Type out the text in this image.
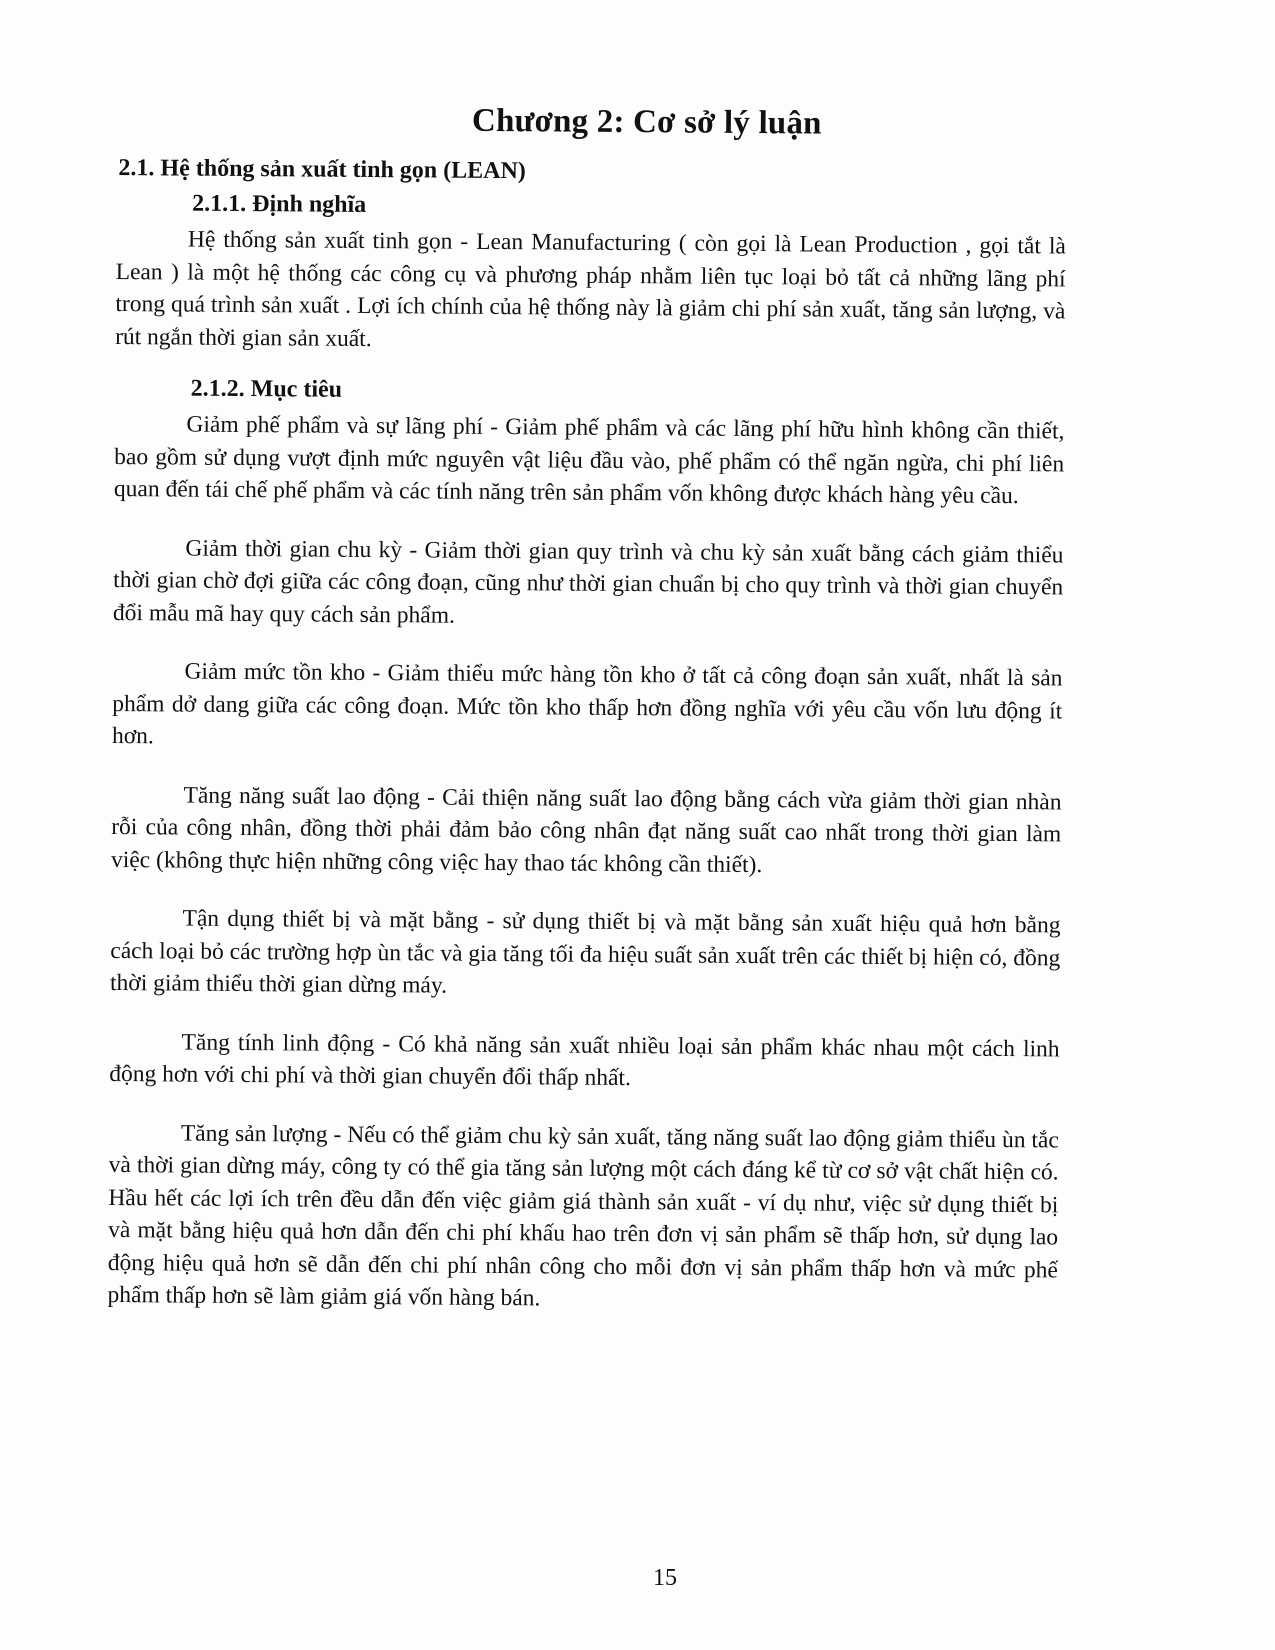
Chương 2: Cơ sở lý luận
2.1. Hệ thống sản xuất tinh gọn (LEAN)
2.1.1. Định nghĩa

Hệ thống sản xuất tinh gọn - Lean Manufacturing ( còn gọi là Lean Production , gọi tắt là Lean ) là một hệ thống các công cụ và phương pháp nhằm liên tục loại bỏ tất cả những lãng phí trong quá trình sản xuất . Lợi ích chính của hệ thống này là giảm chi phí sản xuất, tăng sản lượng, và rút ngắn thời gian sản xuất.

2.1.2. Mục tiêu

Giảm phế phẩm và sự lãng phí - Giảm phế phẩm và các lãng phí hữu hình không cần thiết, bao gồm sử dụng vượt định mức nguyên vật liệu đầu vào, phế phẩm có thể ngăn ngừa, chi phí liên quan đến tái chế phế phẩm và các tính năng trên sản phẩm vốn không được khách hàng yêu cầu.

Giảm thời gian chu kỳ - Giảm thời gian quy trình và chu kỳ sản xuất bằng cách giảm thiểu thời gian chờ đợi giữa các công đoạn, cũng như thời gian chuẩn bị cho quy trình và thời gian chuyển đổi mẫu mã hay quy cách sản phẩm.

Giảm mức tồn kho - Giảm thiểu mức hàng tồn kho ở tất cả công đoạn sản xuất, nhất là sản phẩm dở dang giữa các công đoạn. Mức tồn kho thấp hơn đồng nghĩa với yêu cầu vốn lưu động ít hơn.

Tăng năng suất lao động - Cải thiện năng suất lao động bằng cách vừa giảm thời gian nhàn rỗi của công nhân, đồng thời phải đảm bảo công nhân đạt năng suất cao nhất trong thời gian làm việc (không thực hiện những công việc hay thao tác không cần thiết).

Tận dụng thiết bị và mặt bằng - sử dụng thiết bị và mặt bằng sản xuất hiệu quả hơn bằng cách loại bỏ các trường hợp ùn tắc và gia tăng tối đa hiệu suất sản xuất trên các thiết bị hiện có, đồng thời giảm thiểu thời gian dừng máy.

Tăng tính linh động - Có khả năng sản xuất nhiều loại sản phẩm khác nhau một cách linh động hơn với chi phí và thời gian chuyển đổi thấp nhất.

Tăng sản lượng - Nếu có thể giảm chu kỳ sản xuất, tăng năng suất lao động giảm thiểu ùn tắc và thời gian dừng máy, công ty có thể gia tăng sản lượng một cách đáng kể từ cơ sở vật chất hiện có. Hầu hết các lợi ích trên đều dẫn đến việc giảm giá thành sản xuất - ví dụ như, việc sử dụng thiết bị và mặt bằng hiệu quả hơn dẫn đến chi phí khấu hao trên đơn vị sản phẩm sẽ thấp hơn, sử dụng lao động hiệu quả hơn sẽ dẫn đến chi phí nhân công cho mỗi đơn vị sản phẩm thấp hơn và mức phế phẩm thấp hơn sẽ làm giảm giá vốn hàng bán.

15
